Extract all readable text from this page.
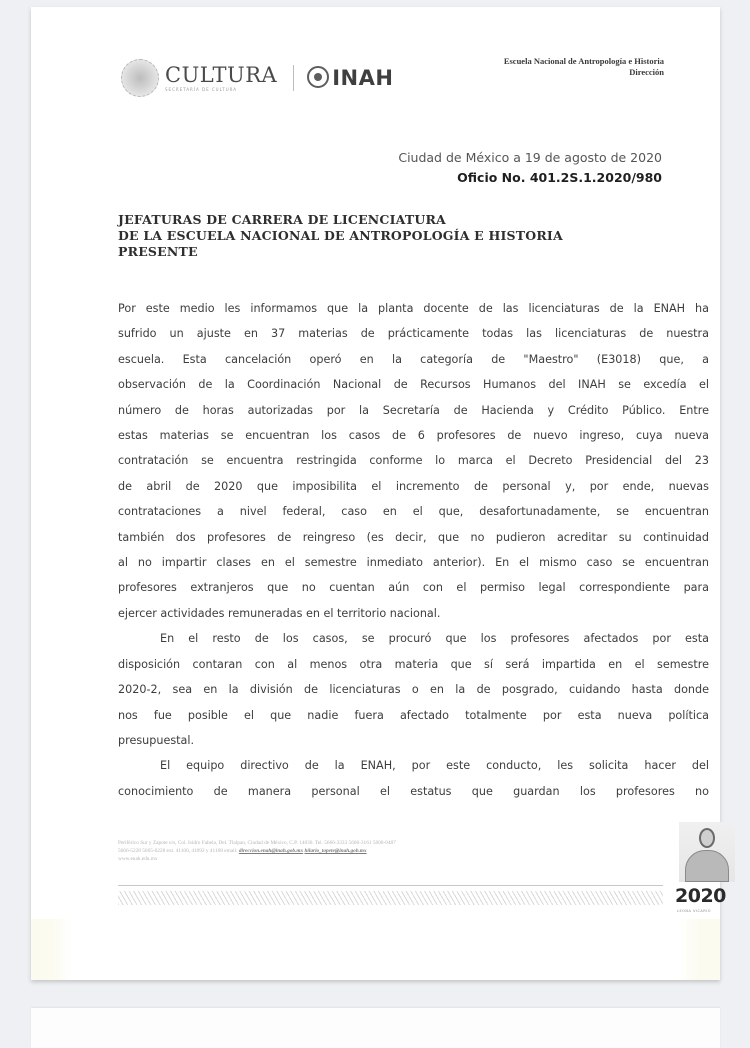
CULTURA
SECRETARÍA DE CULTURA	INAH
Escuela Nacional de Antropología e Historia
Dirección
Ciudad de México a 19 de agosto de 2020
Oficio No. 401.2S.1.2020/980
JEFATURAS DE CARRERA DE LICENCIATURA
DE LA ESCUELA NACIONAL DE ANTROPOLOGÍA E HISTORIA
PRESENTE

Por este medio les informamos que la planta docente de las licenciaturas de la ENAH ha
sufrido un ajuste en 37 materias de prácticamente todas las licenciaturas de nuestra
escuela. Esta cancelación operó en la categoría de "Maestro" (E3018) que, a
observación de la Coordinación Nacional de Recursos Humanos del INAH se excedía el
número de horas autorizadas por la Secretaría de Hacienda y Crédito Público. Entre
estas materias se encuentran los casos de 6 profesores de nuevo ingreso, cuya nueva
contratación se encuentra restringida conforme lo marca el Decreto Presidencial del 23
de abril de 2020 que imposibilita el incremento de personal y, por ende, nuevas
contrataciones a nivel federal, caso en el que, desafortunadamente, se encuentran
también dos profesores de reingreso (es decir, que no pudieron acreditar su continuidad
al no impartir clases en el semestre inmediato anterior). En el mismo caso se encuentran
profesores extranjeros que no cuentan aún con el permiso legal correspondiente para
ejercer actividades remuneradas en el territorio nacional.

En el resto de los casos, se procuró que los profesores afectados por esta
disposición contaran con al menos otra materia que sí será impartida en el semestre
2020-2, sea en la división de licenciaturas o en la de posgrado, cuidando hasta donde
nos fue posible el que nadie fuera afectado totalmente por esta nueva política
presupuestal.

El equipo directivo de la ENAH, por este conducto, les solicita hacer del
conocimiento de manera personal el estatus que guardan los profesores no

Periférico Sur y Zapote s/n, Col. Isidro Fabela, Del. Tlalpan, Ciudad de México, C.P. 14030. Tel. 5666-3333 5666-3161 5606-0487
5666-5228 5665-0228 ext. 41100, 41092 y 41168 email: direccion.enah@inah.gob.mx hilario_topete@inah.gob.mx
www.enah.edu.mx
2020
LEONA VICARIO
